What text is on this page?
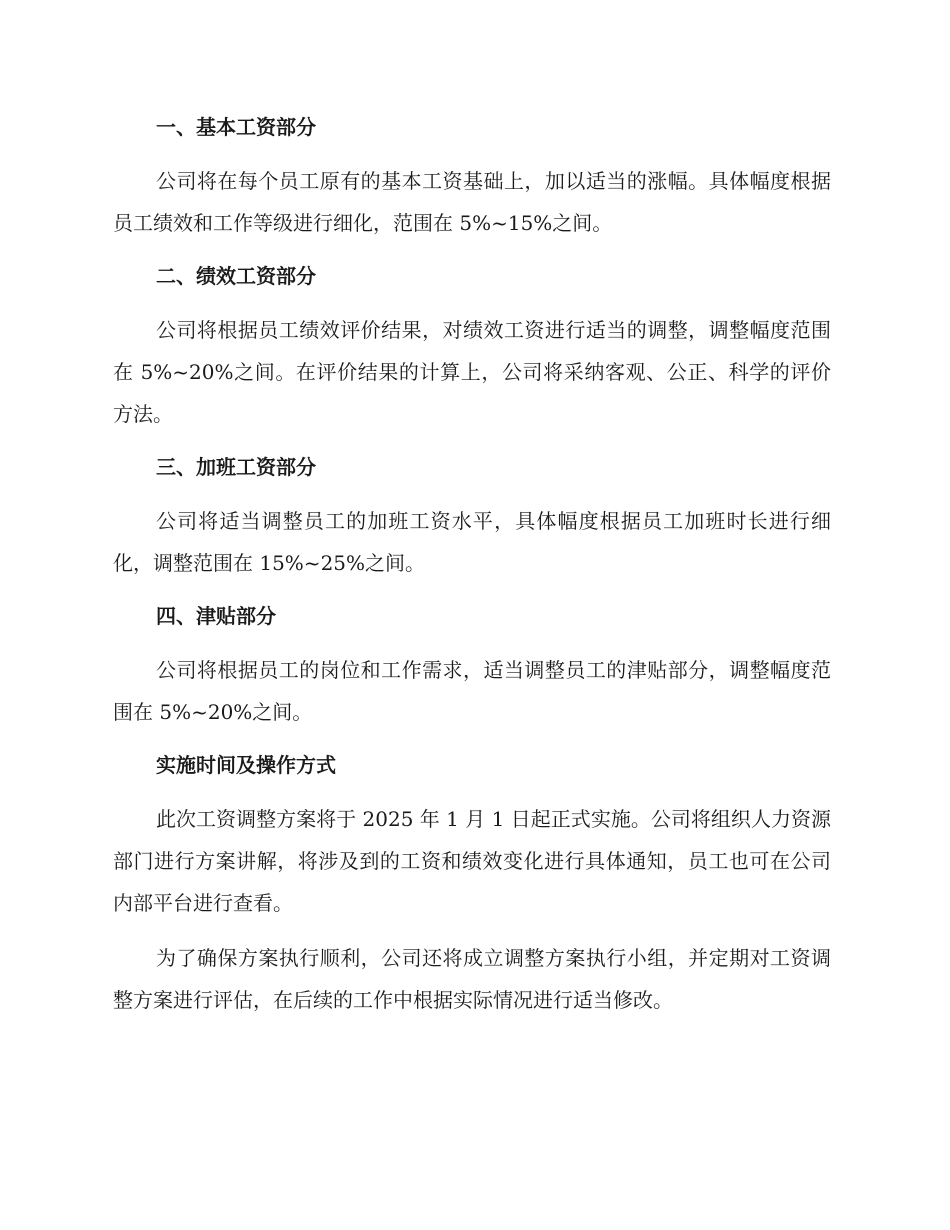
一、基本工资部分

公司将在每个员工原有的基本工资基础上，加以适当的涨幅。具体幅度根据员工绩效和工作等级进行细化，范围在 5%~15%之间。

二、绩效工资部分

公司将根据员工绩效评价结果，对绩效工资进行适当的调整，调整幅度范围在 5%~20%之间。在评价结果的计算上，公司将采纳客观、公正、科学的评价方法。

三、加班工资部分

公司将适当调整员工的加班工资水平，具体幅度根据员工加班时长进行细化，调整范围在 15%~25%之间。

四、津贴部分

公司将根据员工的岗位和工作需求，适当调整员工的津贴部分，调整幅度范围在 5%~20%之间。

实施时间及操作方式

此次工资调整方案将于 2025 年 1 月 1 日起正式实施。公司将组织人力资源部门进行方案讲解，将涉及到的工资和绩效变化进行具体通知，员工也可在公司内部平台进行查看。

为了确保方案执行顺利，公司还将成立调整方案执行小组，并定期对工资调整方案进行评估，在后续的工作中根据实际情况进行适当修改。
